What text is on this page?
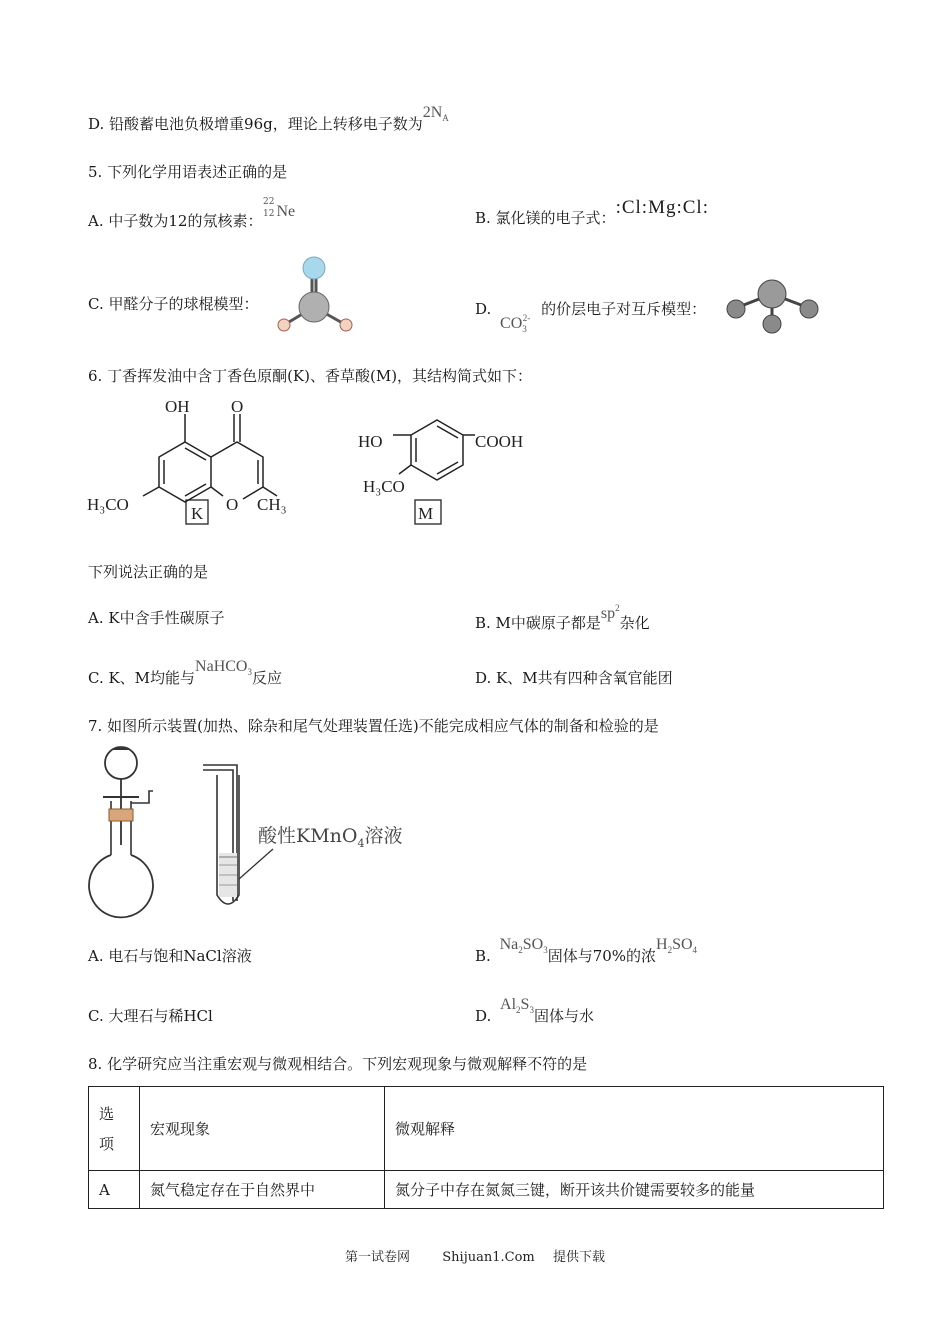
D. 铅酸蓄电池负极增重96g，理论上转移电子数为$2N_A$
5. 下列化学用语表述正确的是
A. 中子数为12的氖核素：
22
12 Ne	B. 氯化镁的电子式：:Cl:Mg:Cl:
C. 甲醛分子的球棍模型：	D. $CO_3^{2-}$ 的价层电子对互斥模型：
6. 丁香挥发油中含丁香色原酮(K)、香草酸(M)，其结构简式如下：
OH O
O
H₃CO	CH₃
K
HO	COOH
H₃CO
M
下列说法正确的是
A. K中含手性碳原子	B. M中碳原子都是$sp^2$杂化
C. K、M均能与NaHCO$_3$反应	D. K、M共有四种含氧官能团
7. 如图所示装置(加热、除杂和尾气处理装置任选)不能完成相应气体的制备和检验的是
酸性KMnO$_4$溶液
A. 电石与饱和NaCl溶液	B. $Na_2SO_3$固体与70%的浓$H_2SO_4$
C. 大理石与稀HCl	D. $Al_2S_3$固体与水
8. 化学研究应当注重宏观与微观相结合。下列宏观现象与微观解释不符的是
选
项	宏观现象	微观解释
A	氮气稳定存在于自然界中	氮分子中存在氮氮三键，断开该共价键需要较多的能量
第一试卷网 Shijuan1.Com 提供下载
